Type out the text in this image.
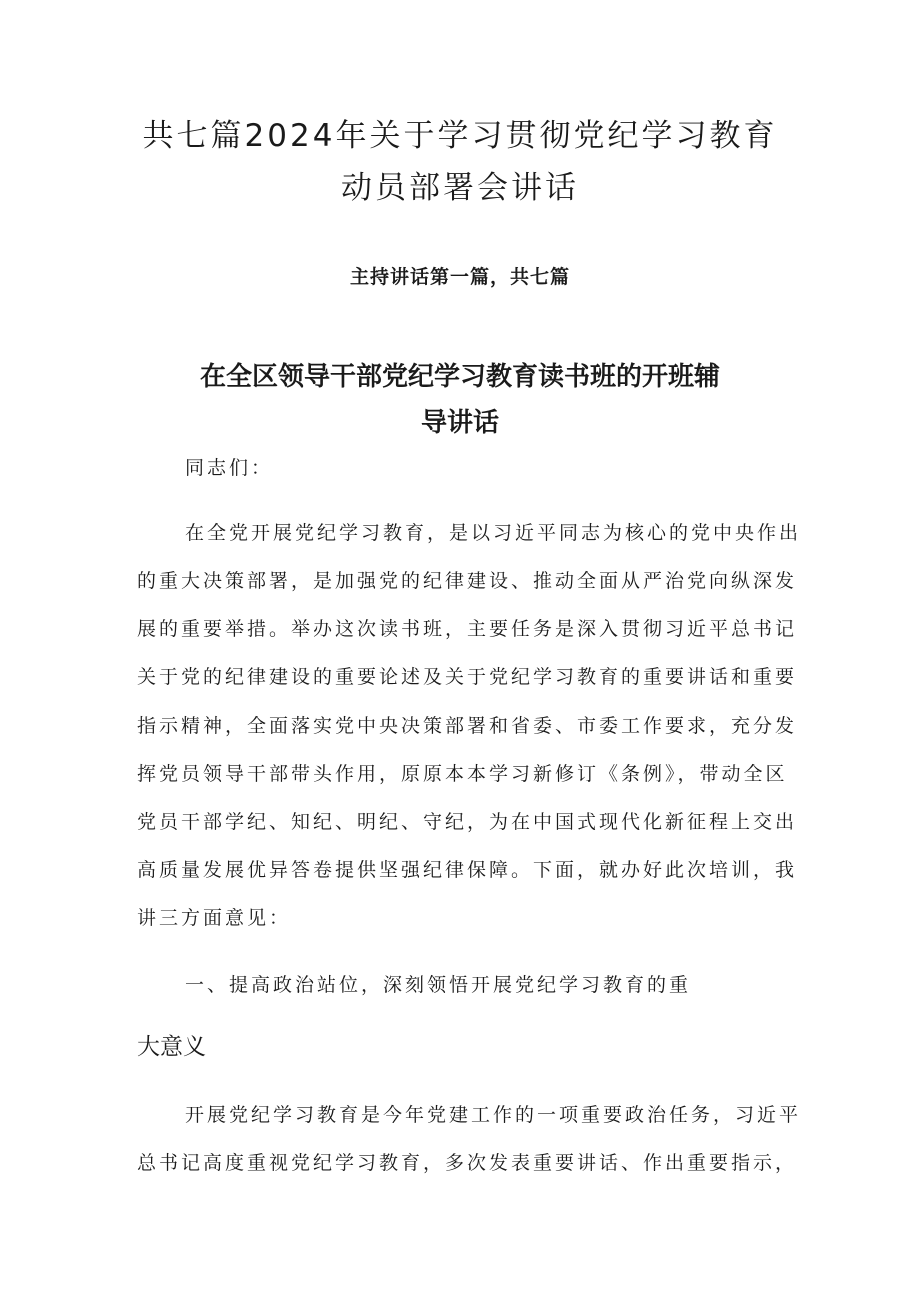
共七篇2024年关于学习贯彻党纪学习教育
动员部署会讲话
主持讲话第一篇，共七篇
在全区领导干部党纪学习教育读书班的开班辅
导讲话
同志们：
在全党开展党纪学习教育，是以习近平同志为核心的党中央作出
的重大决策部署，是加强党的纪律建设、推动全面从严治党向纵深发
展的重要举措。举办这次读书班，主要任务是深入贯彻习近平总书记
关于党的纪律建设的重要论述及关于党纪学习教育的重要讲话和重要
指示精神，全面落实党中央决策部署和省委、市委工作要求，充分发
挥党员领导干部带头作用，原原本本学习新修订《条例》，带动全区
党员干部学纪、知纪、明纪、守纪，为在中国式现代化新征程上交出
高质量发展优异答卷提供坚强纪律保障。下面，就办好此次培训，我
讲三方面意见：
一、提高政治站位，深刻领悟开展党纪学习教育的重
大意义
开展党纪学习教育是今年党建工作的一项重要政治任务，习近平
总书记高度重视党纪学习教育，多次发表重要讲话、作出重要指示，
